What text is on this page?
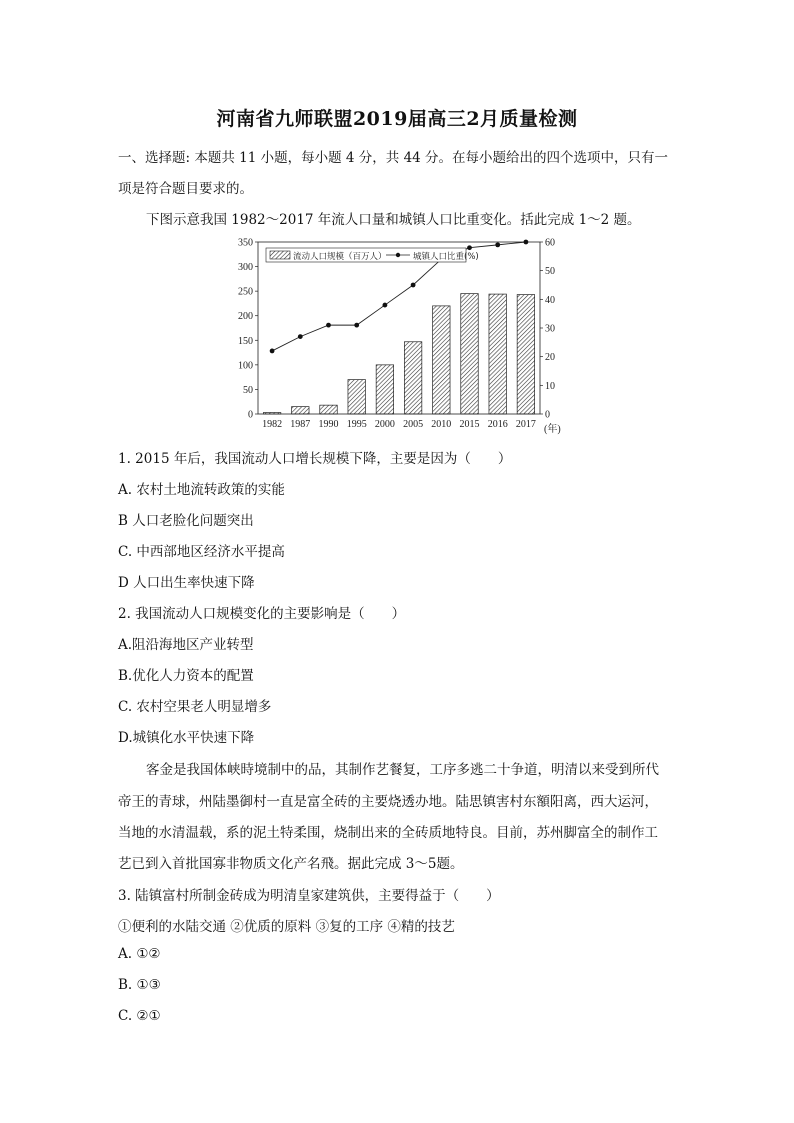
河南省九师联盟2019届高三2月质量检测
一、选择题: 本题共 11 小题，每小题 4 分，共 44 分。在每小题给出的四个选项中，只有一
项是符合题目要求的。
下图示意我国 1982～2017 年流人口量和城镇人口比重变化。括此完成 1～2 题。
0
50
100
150
200
250
300
350
0
10
20
30
40
50
60
1982 1987 1990 1995 2000 2005 2010 2015 2016 2017
流动人口规模（百万人）	城镇人口比重(%)
(年)
1. 2015 年后，我国流动人口增长规模下降，主要是因为（　　）
A. 农村土地流转政策的实能
B 人口老脸化问题突出
C. 中西部地区经济水平提高
D 人口出生率快速下降
2. 我国流动人口规模变化的主要影响是（　　）
A.阻沿海地区产业转型
B.优化人力资本的配置
C. 农村空果老人明显增多
D.城镇化水平快速下降
客金是我国体峡時境制中的品，其制作艺餐复，工序多逃二十争道，明清以来受到所代
帝王的青球，州陆墨御村一直是富全砖的主要烧透办地。陆思镇害村东額阳离，西大运河，
当地的水清温载，系的泥土特柔围，烧制出来的全砖质地特良。目前，苏州脚富全的制作工
艺已到入首批国寡非物质文化产名飛。据此完成 3～5题。
3. 陆镇富村所制金砖成为明清皇家建筑供，主要得益于（　　）
①便利的水陆交通 ②优质的原料 ③复的工序 ④精的技艺
A. ①②
B. ①③
C. ②①
